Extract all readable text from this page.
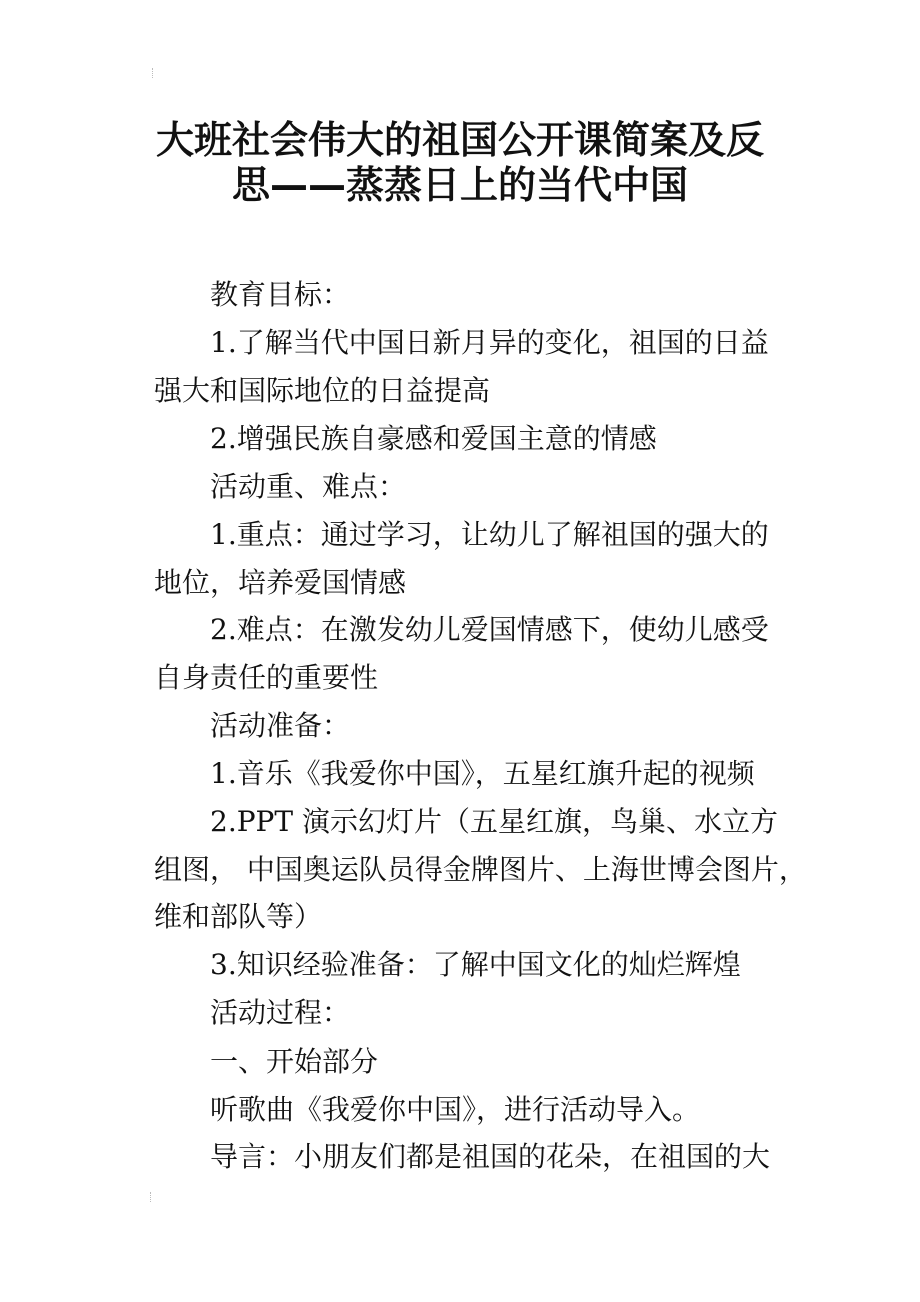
大班社会伟大的祖国公开课简案及反
思——蒸蒸日上的当代中国
教育目标：
1.了解当代中国日新月异的变化，祖国的日益
强大和国际地位的日益提高
2.增强民族自豪感和爱国主意的情感
活动重、难点：
1.重点：通过学习，让幼儿了解祖国的强大的
地位，培养爱国情感
2.难点：在激发幼儿爱国情感下，使幼儿感受
自身责任的重要性
活动准备：
1.音乐《我爱你中国》，五星红旗升起的视频
2.PPT 演示幻灯片（五星红旗，鸟巢、水立方
组图， 中国奥运队员得金牌图片、上海世博会图片，
维和部队等）
3.知识经验准备：了解中国文化的灿烂辉煌
活动过程：
一、开始部分
听歌曲《我爱你中国》，进行活动导入。
导言：小朋友们都是祖国的花朵，在祖国的大
